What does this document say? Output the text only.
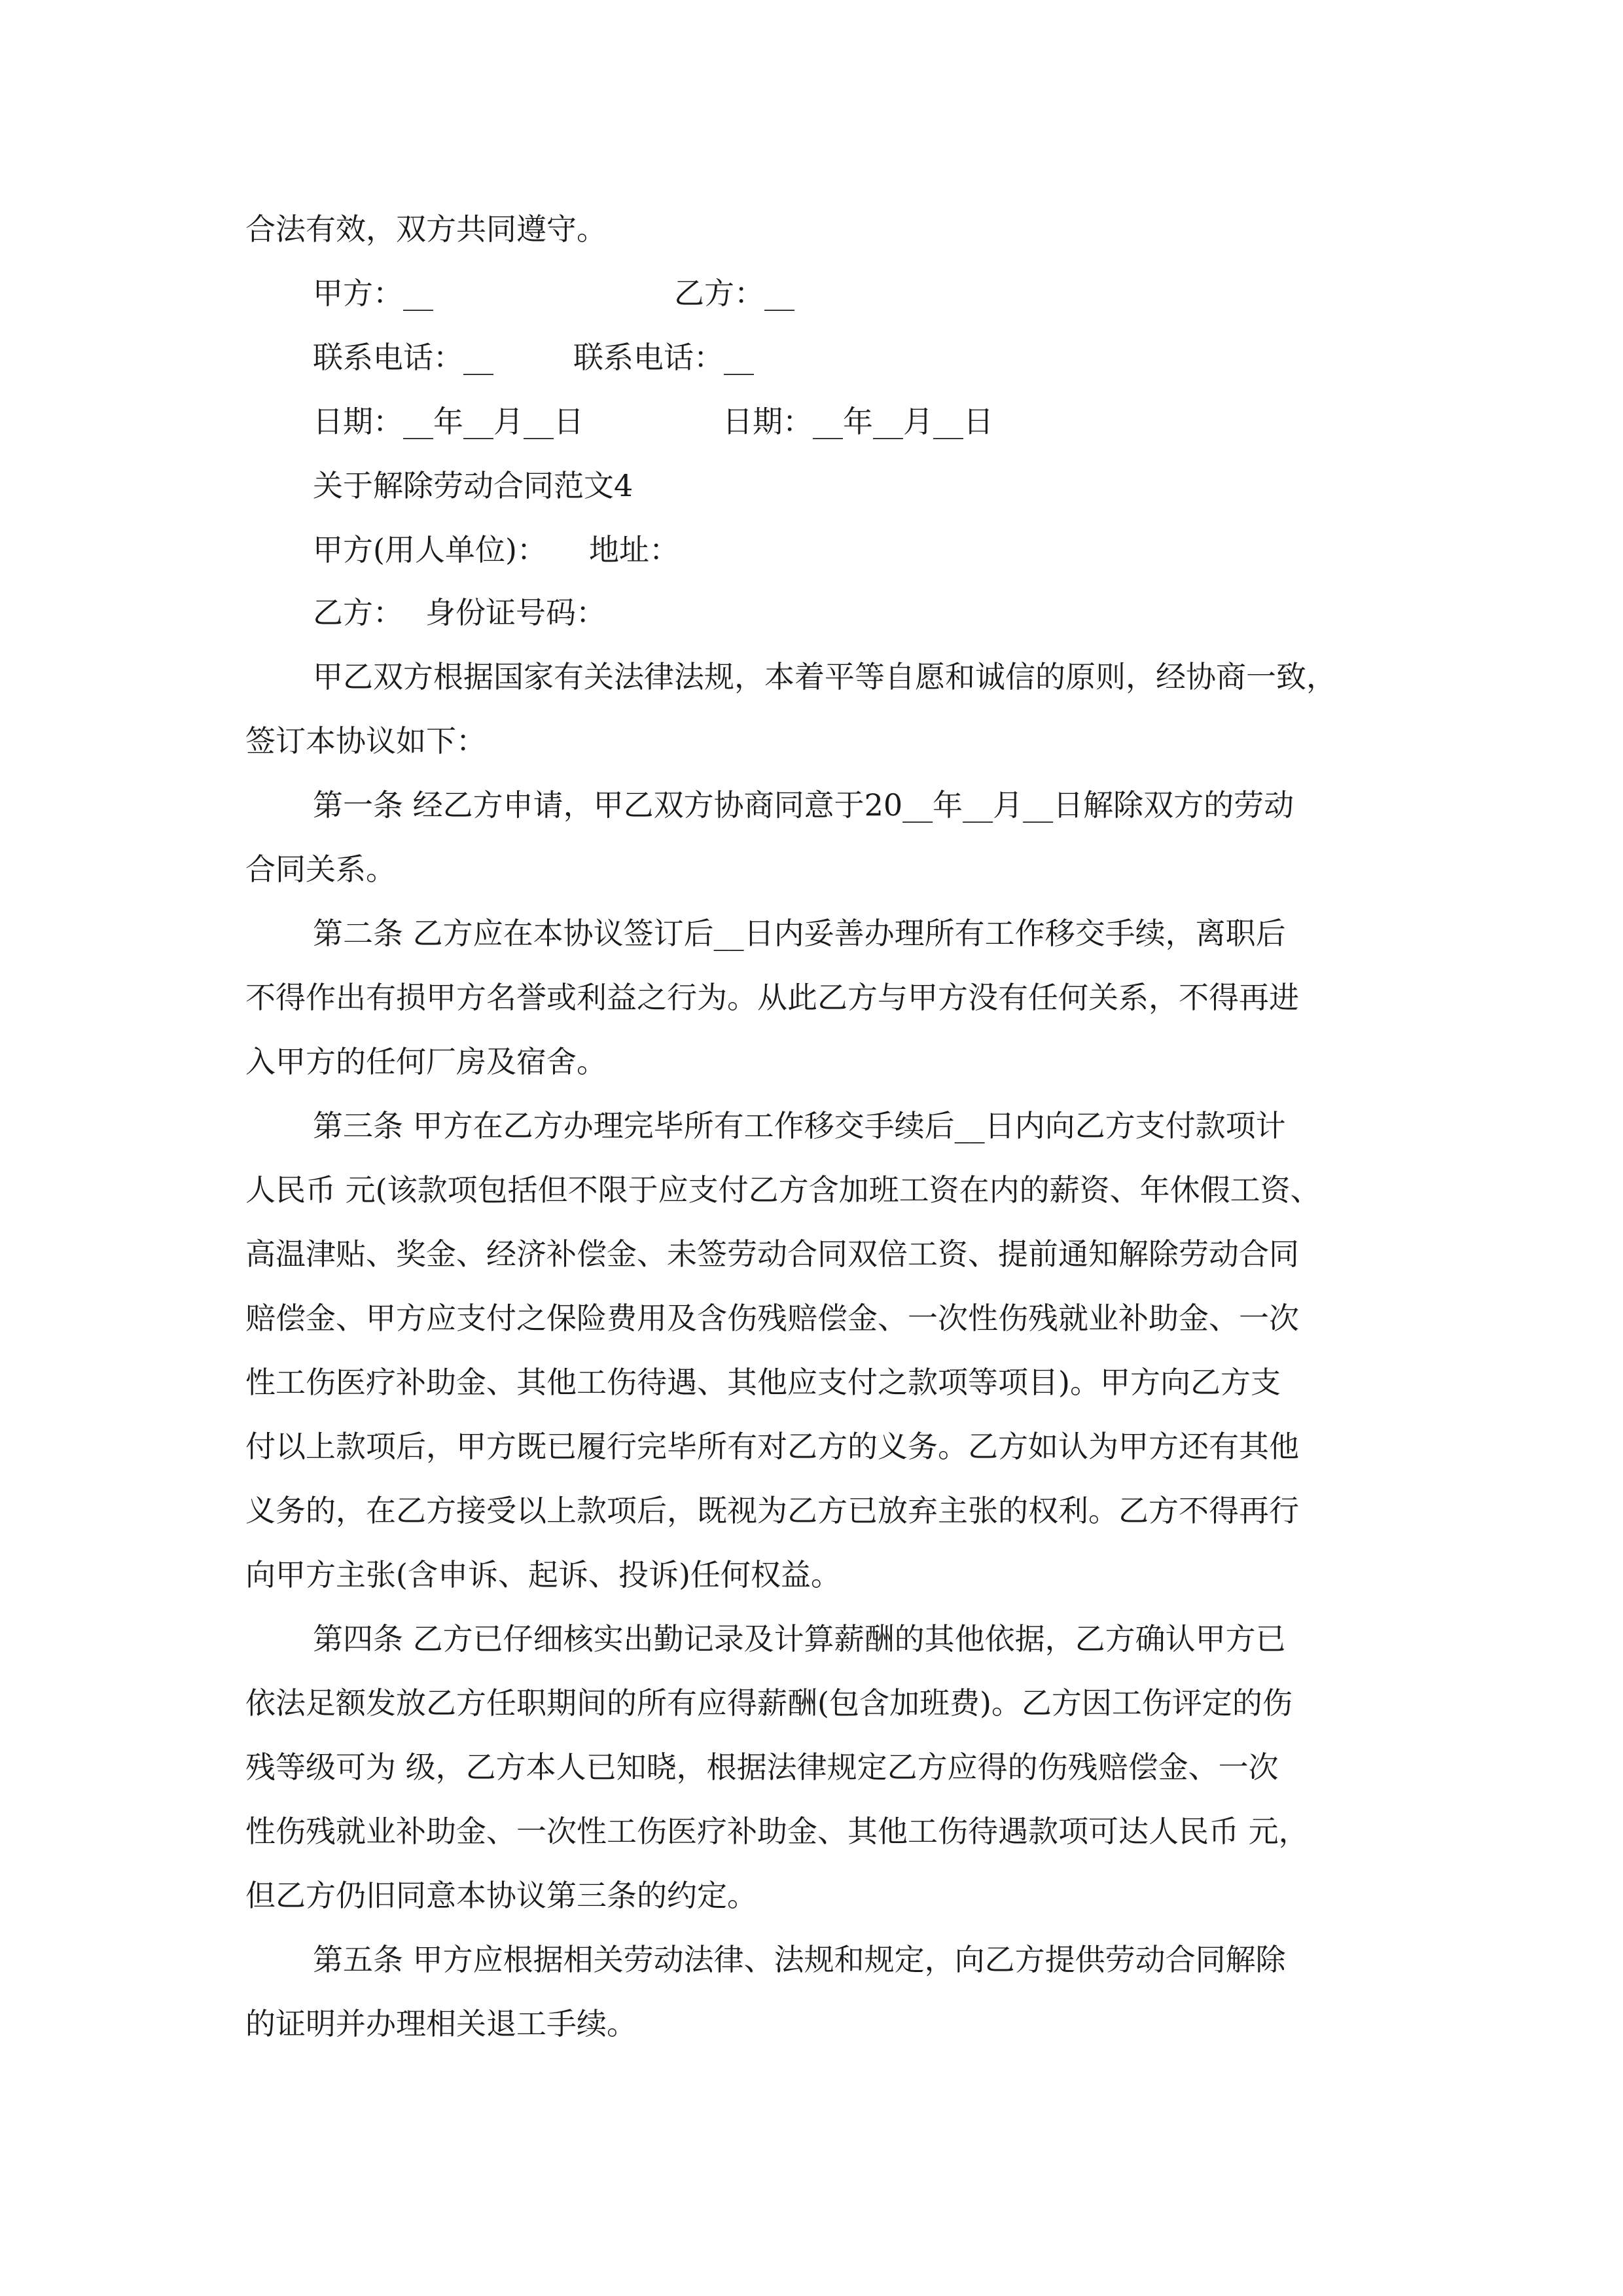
合法有效，双方共同遵守。
甲方：__	乙方：__
联系电话：__	联系电话：__
日期：__年__月__日	日期：__年__月__日
关于解除劳动合同范文4
甲方(用人单位)： 地址：
乙方： 身份证号码：
甲乙双方根据国家有关法律法规，本着平等自愿和诚信的原则，经协商一致，
签订本协议如下：
第一条 经乙方申请，甲乙双方协商同意于20__年__月__日解除双方的劳动
合同关系。
第二条 乙方应在本协议签订后__日内妥善办理所有工作移交手续，离职后
不得作出有损甲方名誉或利益之行为。从此乙方与甲方没有任何关系，不得再进
入甲方的任何厂房及宿舍。
第三条 甲方在乙方办理完毕所有工作移交手续后__日内向乙方支付款项计
人民币 元(该款项包括但不限于应支付乙方含加班工资在内的薪资、年休假工资、
高温津贴、奖金、经济补偿金、未签劳动合同双倍工资、提前通知解除劳动合同
赔偿金、甲方应支付之保险费用及含伤残赔偿金、一次性伤残就业补助金、一次
性工伤医疗补助金、其他工伤待遇、其他应支付之款项等项目)。甲方向乙方支
付以上款项后，甲方既已履行完毕所有对乙方的义务。乙方如认为甲方还有其他
义务的，在乙方接受以上款项后，既视为乙方已放弃主张的权利。乙方不得再行
向甲方主张(含申诉、起诉、投诉)任何权益。
第四条 乙方已仔细核实出勤记录及计算薪酬的其他依据，乙方确认甲方已
依法足额发放乙方任职期间的所有应得薪酬(包含加班费)。乙方因工伤评定的伤
残等级可为 级，乙方本人已知晓，根据法律规定乙方应得的伤残赔偿金、一次
性伤残就业补助金、一次性工伤医疗补助金、其他工伤待遇款项可达人民币 元，
但乙方仍旧同意本协议第三条的约定。
第五条 甲方应根据相关劳动法律、法规和规定，向乙方提供劳动合同解除
的证明并办理相关退工手续。
